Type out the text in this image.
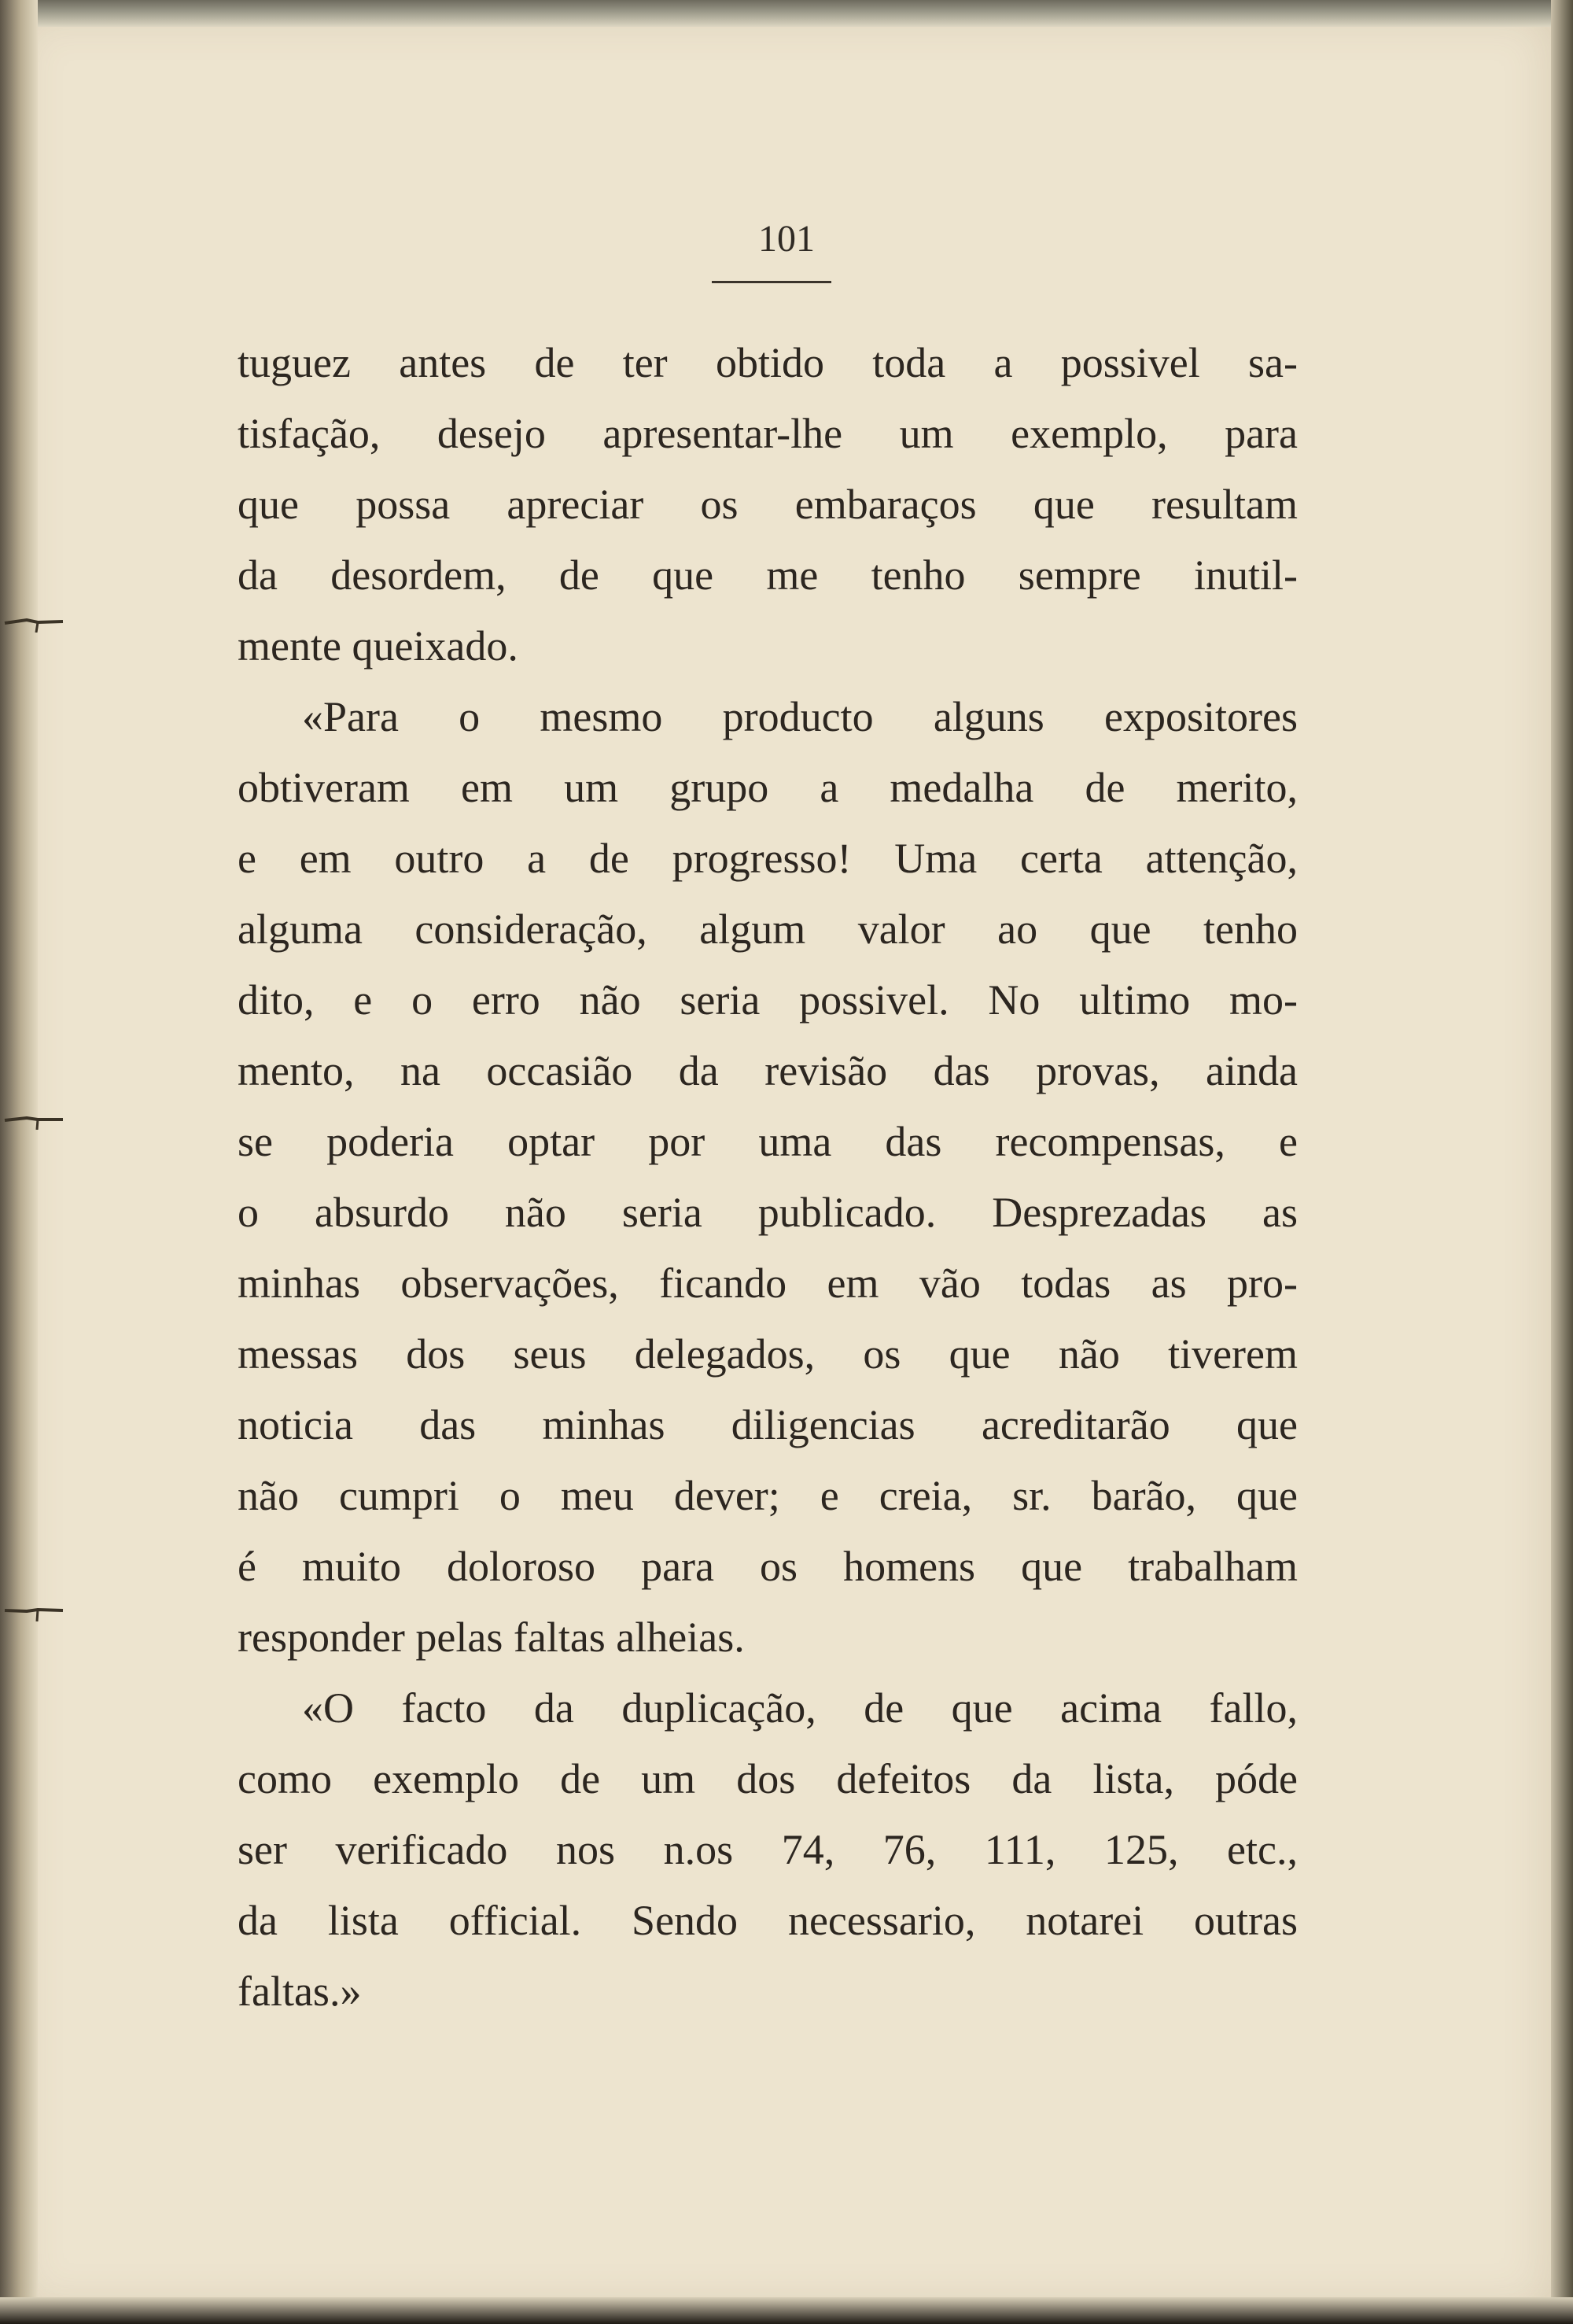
101
tuguez antes de ter obtido toda a possivel sa-
tisfação, desejo apresentar-lhe um exemplo, para
que possa apreciar os embaraços que resultam
da desordem, de que me tenho sempre inutil-
mente queixado.
«Para o mesmo producto alguns expositores
obtiveram em um grupo a medalha de merito,
e em outro a de progresso! Uma certa attenção,
alguma consideração, algum valor ao que tenho
dito, e o erro não seria possivel. No ultimo mo-
mento, na occasião da revisão das provas, ainda
se poderia optar por uma das recompensas, e
o absurdo não seria publicado. Desprezadas as
minhas observações, ficando em vão todas as pro-
messas dos seus delegados, os que não tiverem
noticia das minhas diligencias acreditarão que
não cumpri o meu dever; e creia, sr. barão, que
é muito doloroso para os homens que trabalham
responder pelas faltas alheias.
«O facto da duplicação, de que acima fallo,
como exemplo de um dos defeitos da lista, póde
ser verificado nos n.os 74, 76, 111, 125, etc.,
da lista official. Sendo necessario, notarei outras
faltas.»
